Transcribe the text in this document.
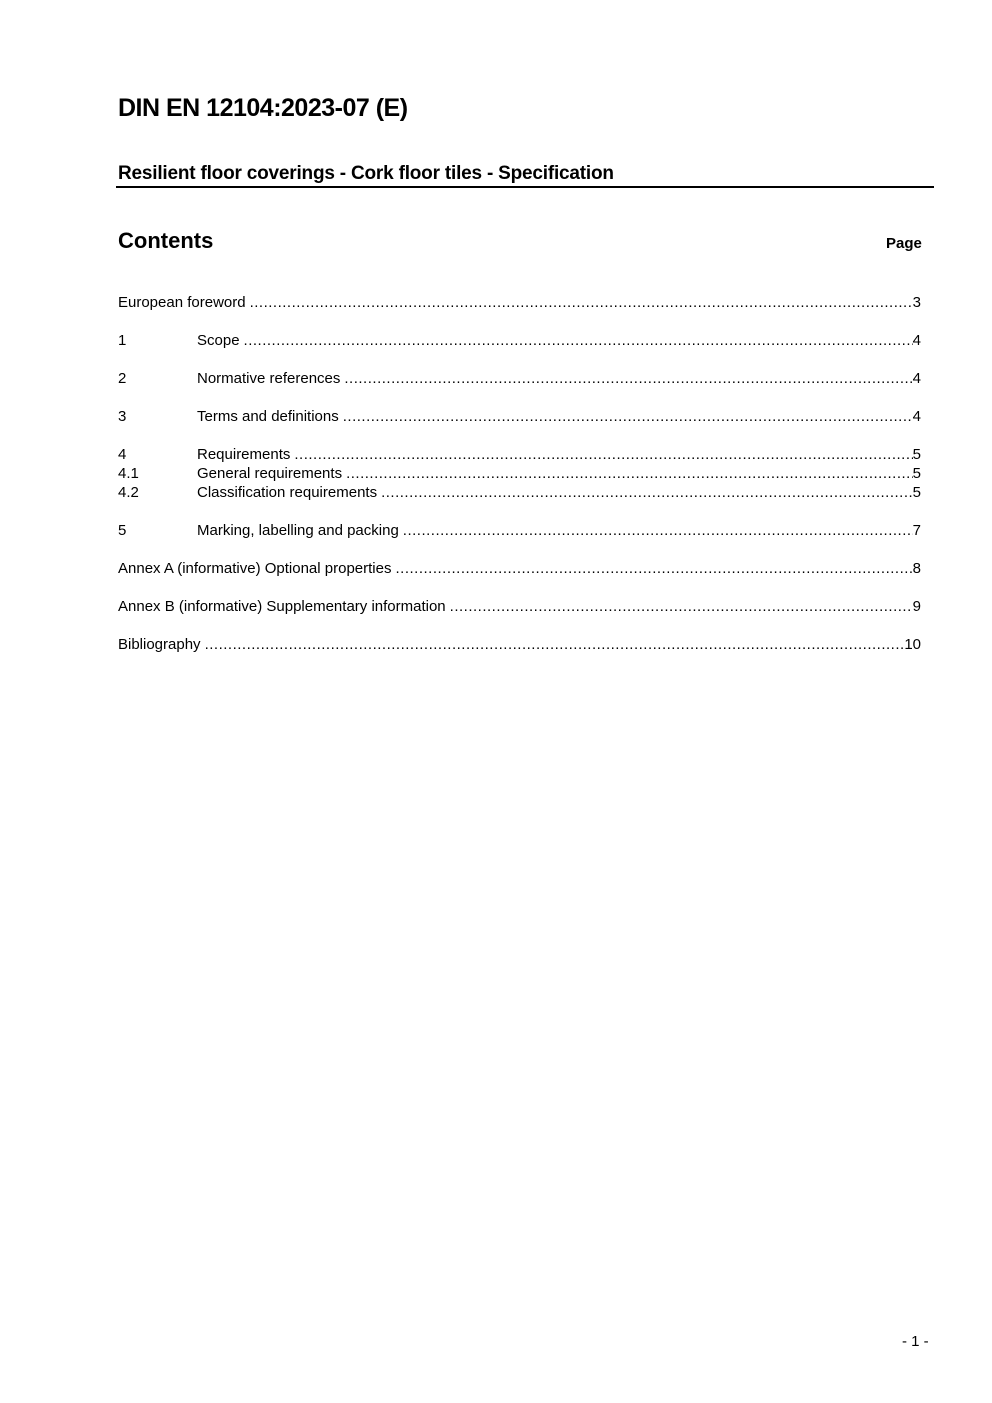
DIN EN 12104:2023-07 (E)
Resilient floor coverings - Cork floor tiles - Specification
Contents	Page
European foreword .....	3
1	Scope .....	4
2	Normative references .....	4
3	Terms and definitions .....	4
4	Requirements .....	5
4.1	General requirements .....	5
4.2	Classification requirements .....	5
5	Marking, labelling and packing .....	7
Annex A (informative) Optional properties .....	8
Annex B (informative) Supplementary information .....	9
Bibliography .....	10
- 1 -
